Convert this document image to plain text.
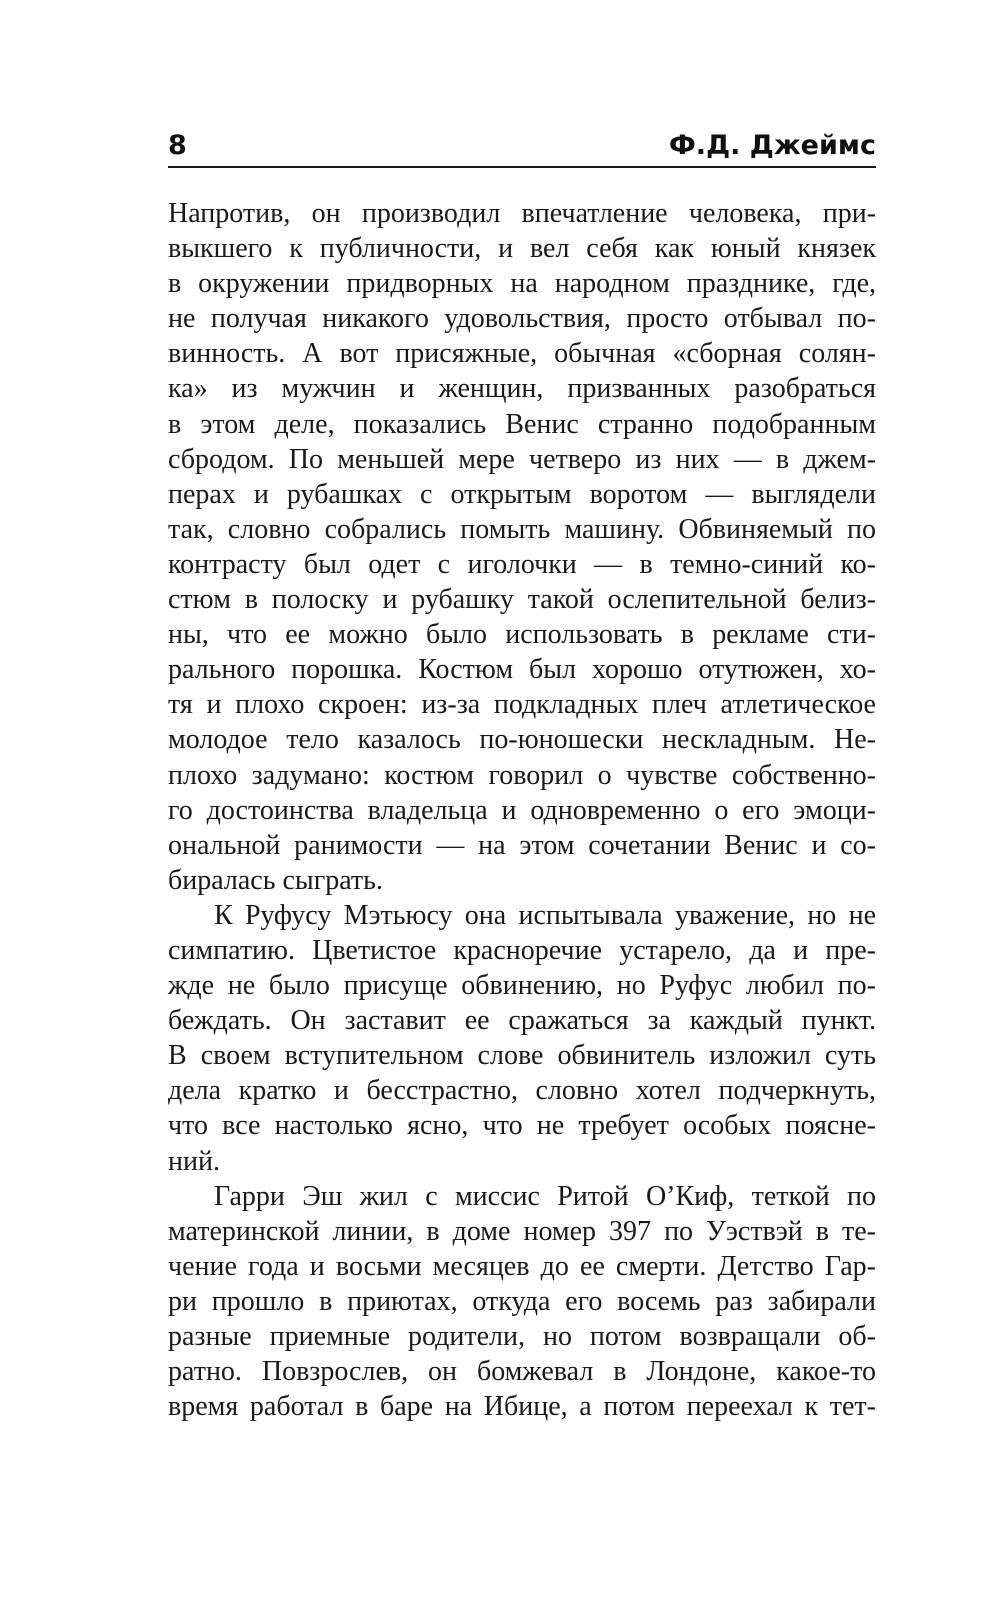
8	Ф.Д. Джеймс
Напротив, он производил впечатление человека, при-
выкшего к публичности, и вел себя как юный князек
в окружении придворных на народном празднике, где,
не получая никакого удовольствия, просто отбывал по-
винность. А вот присяжные, обычная «сборная солян-
ка» из мужчин и женщин, призванных разобраться
в этом деле, показались Венис странно подобранным
сбродом. По меньшей мере четверо из них — в джем-
перах и рубашках с открытым воротом — выглядели
так, словно собрались помыть машину. Обвиняемый по
контрасту был одет с иголочки — в темно-синий ко-
стюм в полоску и рубашку такой ослепительной белиз-
ны, что ее можно было использовать в рекламе сти-
рального порошка. Костюм был хорошо отутюжен, хо-
тя и плохо скроен: из-за подкладных плеч атлетическое
молодое тело казалось по-юношески нескладным. Не-
плохо задумано: костюм говорил о чувстве собственно-
го достоинства владельца и одновременно о его эмоци-
ональной ранимости — на этом сочетании Венис и со-
биралась сыграть.
К Руфусу Мэтьюсу она испытывала уважение, но не
симпатию. Цветистое красноречие устарело, да и пре-
жде не было присуще обвинению, но Руфус любил по-
беждать. Он заставит ее сражаться за каждый пункт.
В своем вступительном слове обвинитель изложил суть
дела кратко и бесстрастно, словно хотел подчеркнуть,
что все настолько ясно, что не требует особых поясне-
ний.
Гарри Эш жил с миссис Ритой О’Киф, теткой по
материнской линии, в доме номер 397 по Уэствэй в те-
чение года и восьми месяцев до ее смерти. Детство Гар-
ри прошло в приютах, откуда его восемь раз забирали
разные приемные родители, но потом возвращали об-
ратно. Повзрослев, он бомжевал в Лондоне, какое-то
время работал в баре на Ибице, а потом переехал к тет-
